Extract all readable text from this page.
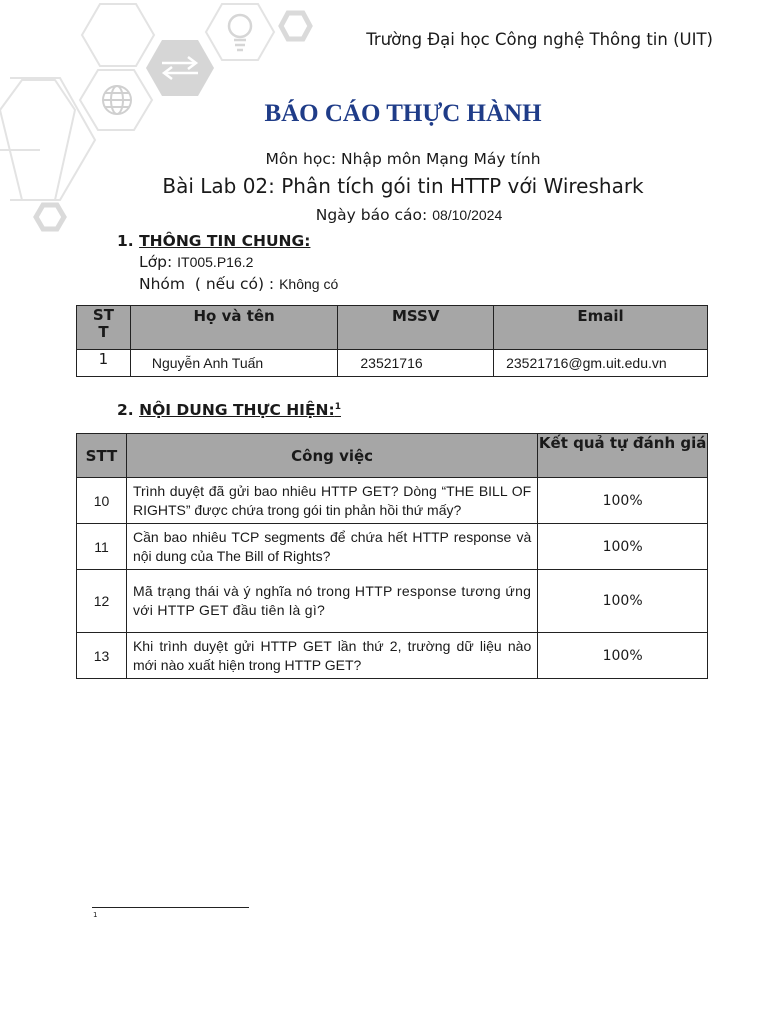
Trường Đại học Công nghệ Thông tin (UIT)
BÁO CÁO THỰC HÀNH
Môn học: Nhập môn Mạng Máy tính
Bài Lab 02: Phân tích gói tin HTTP với Wireshark
Ngày báo cáo: 08/10/2024
1. THÔNG TIN CHUNG:
Lớp: IT005.P16.2
Nhóm  ( nếu có) : Không có
ST
T	Họ và tên	MSSV	Email
1	Nguyễn Anh Tuấn	23521716	23521716@gm.uit.edu.vn
2. NỘI DUNG THỰC HIỆN:$^1$
STT	Công việc	Kết quả tự đánh giá
10	Trình duyệt đã gửi bao nhiêu HTTP GET? Dòng “THE BILL OF RIGHTS” được chứa trong gói tin phản hồi thứ mấy?	100%
11	Cần bao nhiêu TCP segments để chứa hết HTTP response và nội dung của The Bill of Rights?	100%
12	Mã trạng thái và ý nghĩa nó trong HTTP response tương ứng với HTTP GET đầu tiên là gì?	100%
13	Khi trình duyệt gửi HTTP GET lần thứ 2, trường dữ liệu nào mới nào xuất hiện trong HTTP GET?	100%
1
